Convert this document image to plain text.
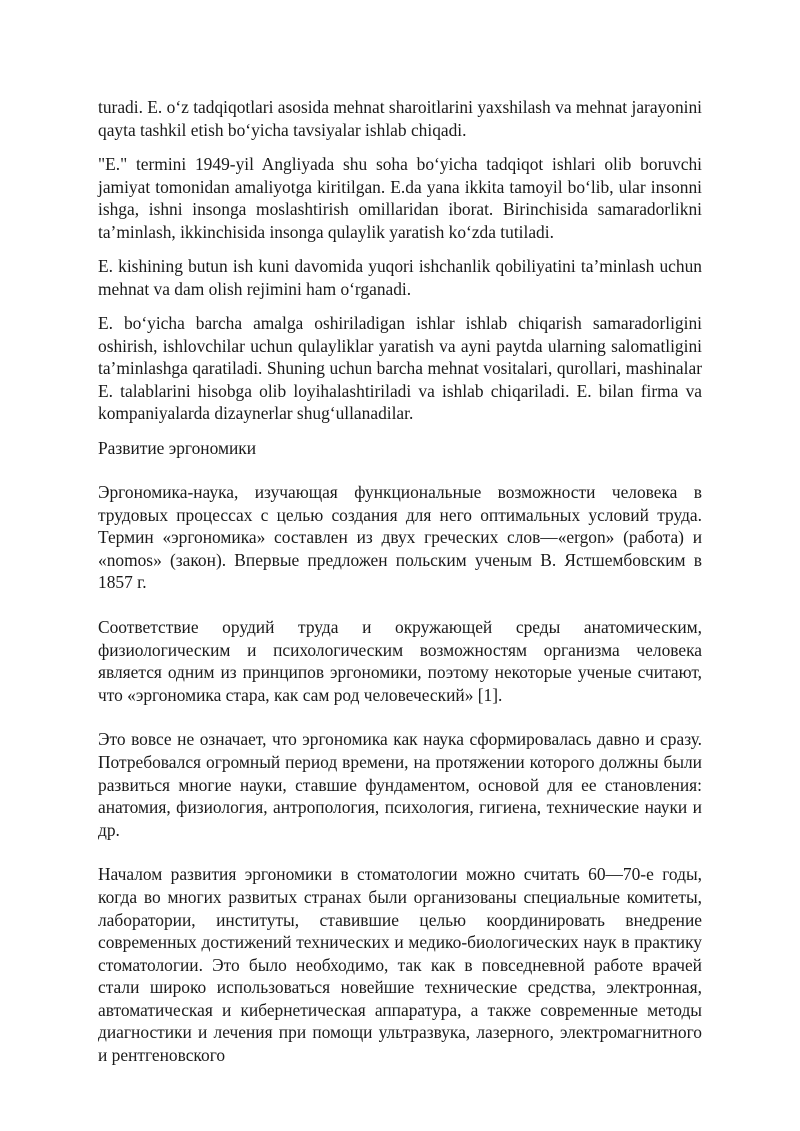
turadi. E. o‘z tadqiqotlari asosida mehnat sharoitlarini yaxshilash va mehnat jarayonini qayta tashkil etish bo‘yicha tavsiyalar ishlab chiqadi.

"E." termini 1949-yil Angliyada shu soha bo‘yicha tadqiqot ishlari olib boruvchi jamiyat tomonidan amaliyotga kiritilgan. E.da yana ikkita tamoyil bo‘lib, ular insonni ishga, ishni insonga moslashtirish omillaridan iborat. Birinchisida samaradorlikni ta’minlash, ikkinchisida insonga qulaylik yaratish ko‘zda tutiladi.

E. kishining butun ish kuni davomida yuqori ishchanlik qobiliyatini ta’minlash uchun mehnat va dam olish rejimini ham o‘rganadi.

E. bo‘yicha barcha amalga oshiriladigan ishlar ishlab chiqarish samaradorligini oshirish, ishlovchilar uchun qulayliklar yaratish va ayni paytda ularning salomatligini ta’minlashga qaratiladi. Shuning uchun barcha mehnat vositalari, qurollari, mashinalar E. talablarini hisobga olib loyihalashtiriladi va ishlab chiqariladi. E. bilan firma va kompaniyalarda dizaynerlar shug‘ullanadilar.

Развитие эргономики

Эргономика-наука, изучающая функциональные возможности человека в трудовых процессах с целью создания для него оптимальных условий труда. Термин «эргономика» составлен из двух греческих слов—«ergon» (работа) и «nomos» (закон). Впервые предложен польским ученым В. Ястшембовским в 1857 г.

Соответствие орудий труда и окружающей среды анатомическим, физиологическим и психологическим возможностям организма человека является одним из принципов эргономики, поэтому некоторые ученые считают, что «эргономика стара, как сам род человеческий» [1].

Это вовсе не означает, что эргономика как наука сформировалась давно и сразу. Потребовался огромный период времени, на протяжении которого должны были развиться многие науки, ставшие фундаментом, основой для ее становления: анатомия, физиология, антропология, психология, гигиена, технические науки и др.

Началом развития эргономики в стоматологии можно считать 60—70-е годы, когда во многих развитых странах были организованы специальные комитеты, лаборатории, институты, ставившие целью координировать внедрение современных достижений технических и медико-биологических наук в практику стоматологии. Это было необходимо, так как в повседневной работе врачей стали широко использоваться новейшие технические средства, электронная, автоматическая и кибернетическая аппаратура, а также современные методы диагностики и лечения при помощи ультразвука, лазерного, электромагнитного и рентгеновского
